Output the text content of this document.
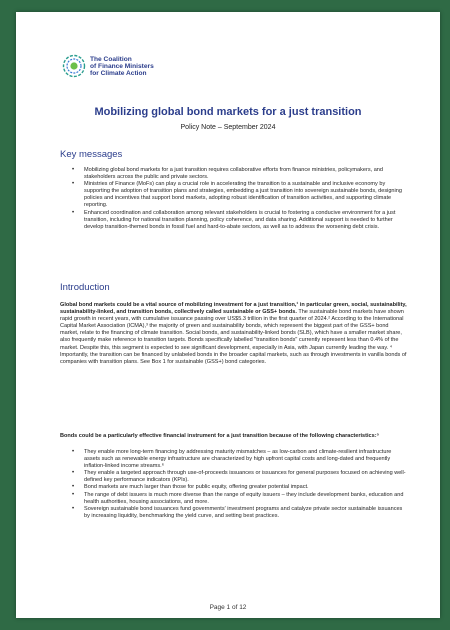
The Coalition
of Finance Ministers
for Climate Action
Mobilizing global bond markets for a just transition
Policy Note – September 2024
Key messages
• Mobilizing global bond markets for a just transition requires collaborative efforts from finance ministries, policymakers, and stakeholders across the public and private sectors.
• Ministries of Finance (MoFs) can play a crucial role in accelerating the transition to a sustainable and inclusive economy by supporting the adoption of transition plans and strategies, embedding a just transition into sovereign sustainable bonds, designing policies and incentives that support bond markets, adopting robust identification of transition activities, and supporting climate reporting.
• Enhanced coordination and collaboration among relevant stakeholders is crucial to fostering a conducive environment for a just transition, including for national transition planning, policy coherence, and data sharing. Additional support is needed to further develop transition-themed bonds in fossil fuel and hard-to-abate sectors, as well as to address the worsening debt crisis.
Introduction

Global bond markets could be a vital source of mobilizing investment for a just transition,¹ in particular green, social, sustainability, sustainability-linked, and transition bonds, collectively called sustainable or GSS+ bonds. The sustainable bond markets have shown rapid growth in recent years, with cumulative issuance passing over US$5.3 trillion in the first quarter of 2024.² According to the International Capital Market Association (ICMA),³ the majority of green and sustainability bonds, which represent the biggest part of the GSS+ bond market, relate to the financing of climate transition. Social bonds, and sustainability-linked bonds (SLB), which have a smaller market share, also frequently make reference to transition targets. Bonds specifically labelled "transition bonds" currently represent less than 0.4% of the market. Despite this, this segment is expected to see significant development, especially in Asia, with Japan currently leading the way. ⁴ Importantly, the transition can be financed by unlabeled bonds in the broader capital markets, such as through investments in vanilla bonds of companies with transition plans. See Box 1 for sustainable (GSS+) bond categories.

Bonds could be a particularly effective financial instrument for a just transition because of the following characteristics:⁵

• They enable more long-term financing by addressing maturity mismatches – as low-carbon and climate-resilient infrastructure assets such as renewable energy infrastructure are characterized by high upfront capital costs and long-dated and frequently inflation-linked income streams.⁶
• They enable a targeted approach through use-of-proceeds issuances or issuances for general purposes focused on achieving well-defined key performance indicators (KPIs).
• Bond markets are much larger than those for public equity, offering greater potential impact.
• The range of debt issuers is much more diverse than the range of equity issuers – they include development banks, education and health authorities, housing associations, and more.
• Sovereign sustainable bond issuances fund governments' investment programs and catalyze private sector sustainable issuances by increasing liquidity, benchmarking the yield curve, and setting best practices.
Page 1 of 12
